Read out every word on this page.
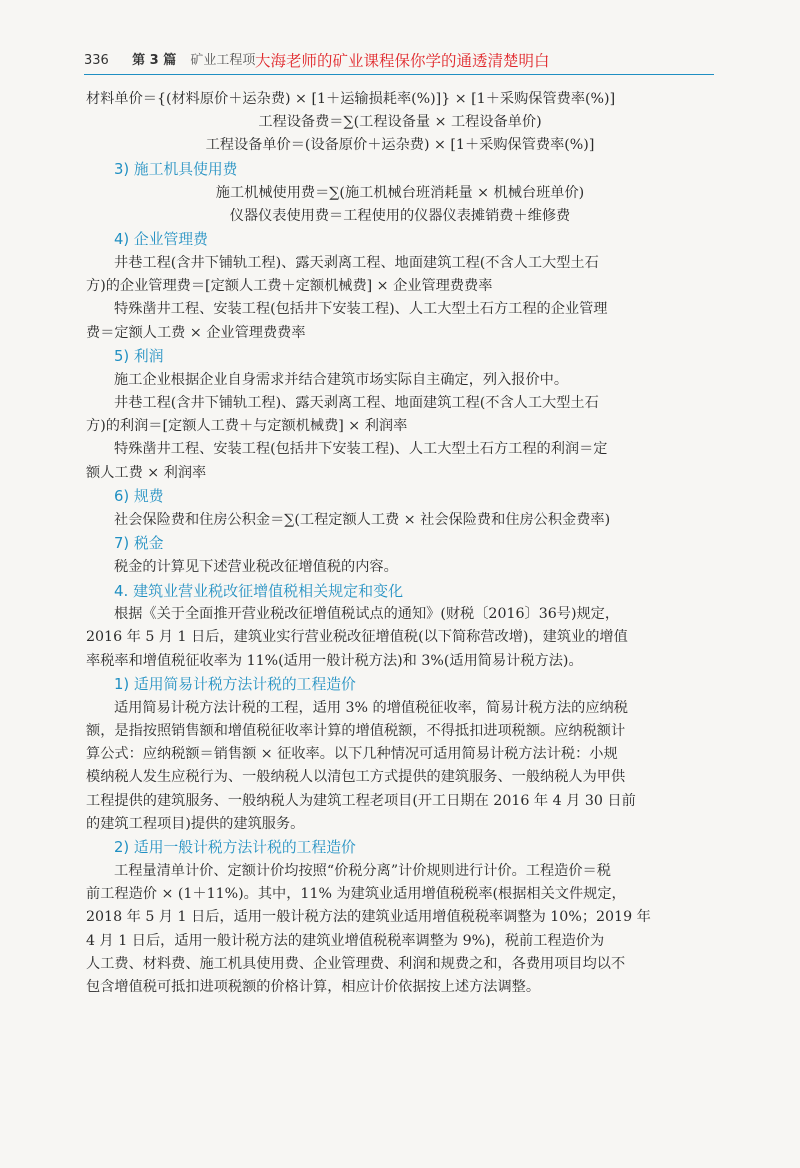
336 第 3 篇 矿业工程项 大海老师的矿业课程保你学的通透清楚明白
材料单价＝{(材料原价＋运杂费) × [1＋运输损耗率(%)]} × [1＋采购保管费率(%)]
工程设备费＝∑(工程设备量 × 工程设备单价)
工程设备单价＝(设备原价＋运杂费) × [1＋采购保管费率(%)]
3) 施工机具使用费
施工机械使用费＝∑(施工机械台班消耗量 × 机械台班单价)
仪器仪表使用费＝工程使用的仪器仪表摊销费＋维修费
4) 企业管理费
井巷工程(含井下铺轨工程)、露天剥离工程、地面建筑工程(不含人工大型土石
方)的企业管理费＝[定额人工费＋定额机械费] × 企业管理费费率
特殊凿井工程、安装工程(包括井下安装工程)、人工大型土石方工程的企业管理
费＝定额人工费 × 企业管理费费率
5) 利润
施工企业根据企业自身需求并结合建筑市场实际自主确定，列入报价中。
井巷工程(含井下铺轨工程)、露天剥离工程、地面建筑工程(不含人工大型土石
方)的利润＝[定额人工费＋与定额机械费] × 利润率
特殊凿井工程、安装工程(包括井下安装工程)、人工大型土石方工程的利润＝定
额人工费 × 利润率
6) 规费
社会保险费和住房公积金＝∑(工程定额人工费 × 社会保险费和住房公积金费率)
7) 税金
税金的计算见下述营业税改征增值税的内容。
4. 建筑业营业税改征增值税相关规定和变化
根据《关于全面推开营业税改征增值税试点的通知》(财税〔2016〕36号)规定，
2016 年 5 月 1 日后，建筑业实行营业税改征增值税(以下简称营改增)，建筑业的增值
率税率和增值税征收率为 11%(适用一般计税方法)和 3%(适用简易计税方法)。
1) 适用简易计税方法计税的工程造价
适用简易计税方法计税的工程，适用 3% 的增值税征收率，简易计税方法的应纳税
额，是指按照销售额和增值税征收率计算的增值税额，不得抵扣进项税额。应纳税额计
算公式：应纳税额＝销售额 × 征收率。以下几种情况可适用简易计税方法计税：小规
模纳税人发生应税行为、一般纳税人以清包工方式提供的建筑服务、一般纳税人为甲供
工程提供的建筑服务、一般纳税人为建筑工程老项目(开工日期在 2016 年 4 月 30 日前
的建筑工程项目)提供的建筑服务。
2) 适用一般计税方法计税的工程造价
工程量清单计价、定额计价均按照“价税分离”计价规则进行计价。工程造价＝税
前工程造价 × (1＋11%)。其中，11% 为建筑业适用增值税税率(根据相关文件规定，
2018 年 5 月 1 日后，适用一般计税方法的建筑业适用增值税税率调整为 10%；2019 年
4 月 1 日后，适用一般计税方法的建筑业增值税税率调整为 9%)，税前工程造价为
人工费、材料费、施工机具使用费、企业管理费、利润和规费之和，各费用项目均以不
包含增值税可抵扣进项税额的价格计算，相应计价依据按上述方法调整。
